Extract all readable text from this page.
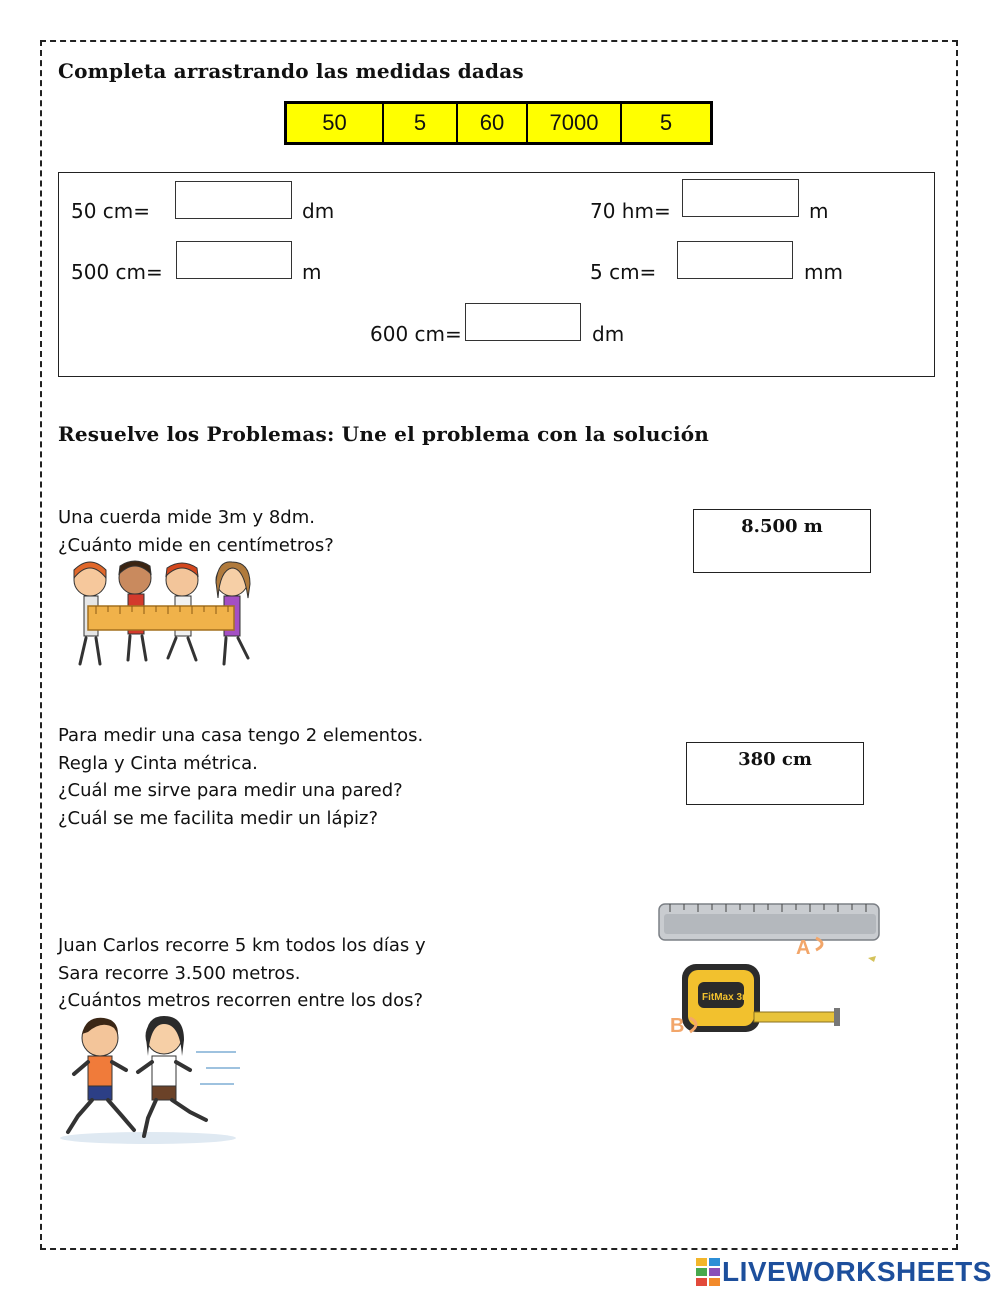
Completa arrastrando las medidas dadas
50	5	60	7000	5
50 cm=	dm	70 hm=	m
500 cm=	m	5 cm=	mm
600 cm=	dm
Resuelve los Problemas: Une el problema con la solución
Una cuerda mide 3m y 8dm.
¿Cuánto mide en centímetros?
8.500 m
Para medir una casa tengo 2 elementos.
Regla y Cinta métrica.
¿Cuál me sirve para medir una pared?
¿Cuál se me facilita medir un lápiz?
380 cm
A
FitMax 3m
B
Juan Carlos recorre 5 km todos los días y
Sara recorre 3.500 metros.
¿Cuántos metros recorren entre los dos?
LIVEWORKSHEETS
